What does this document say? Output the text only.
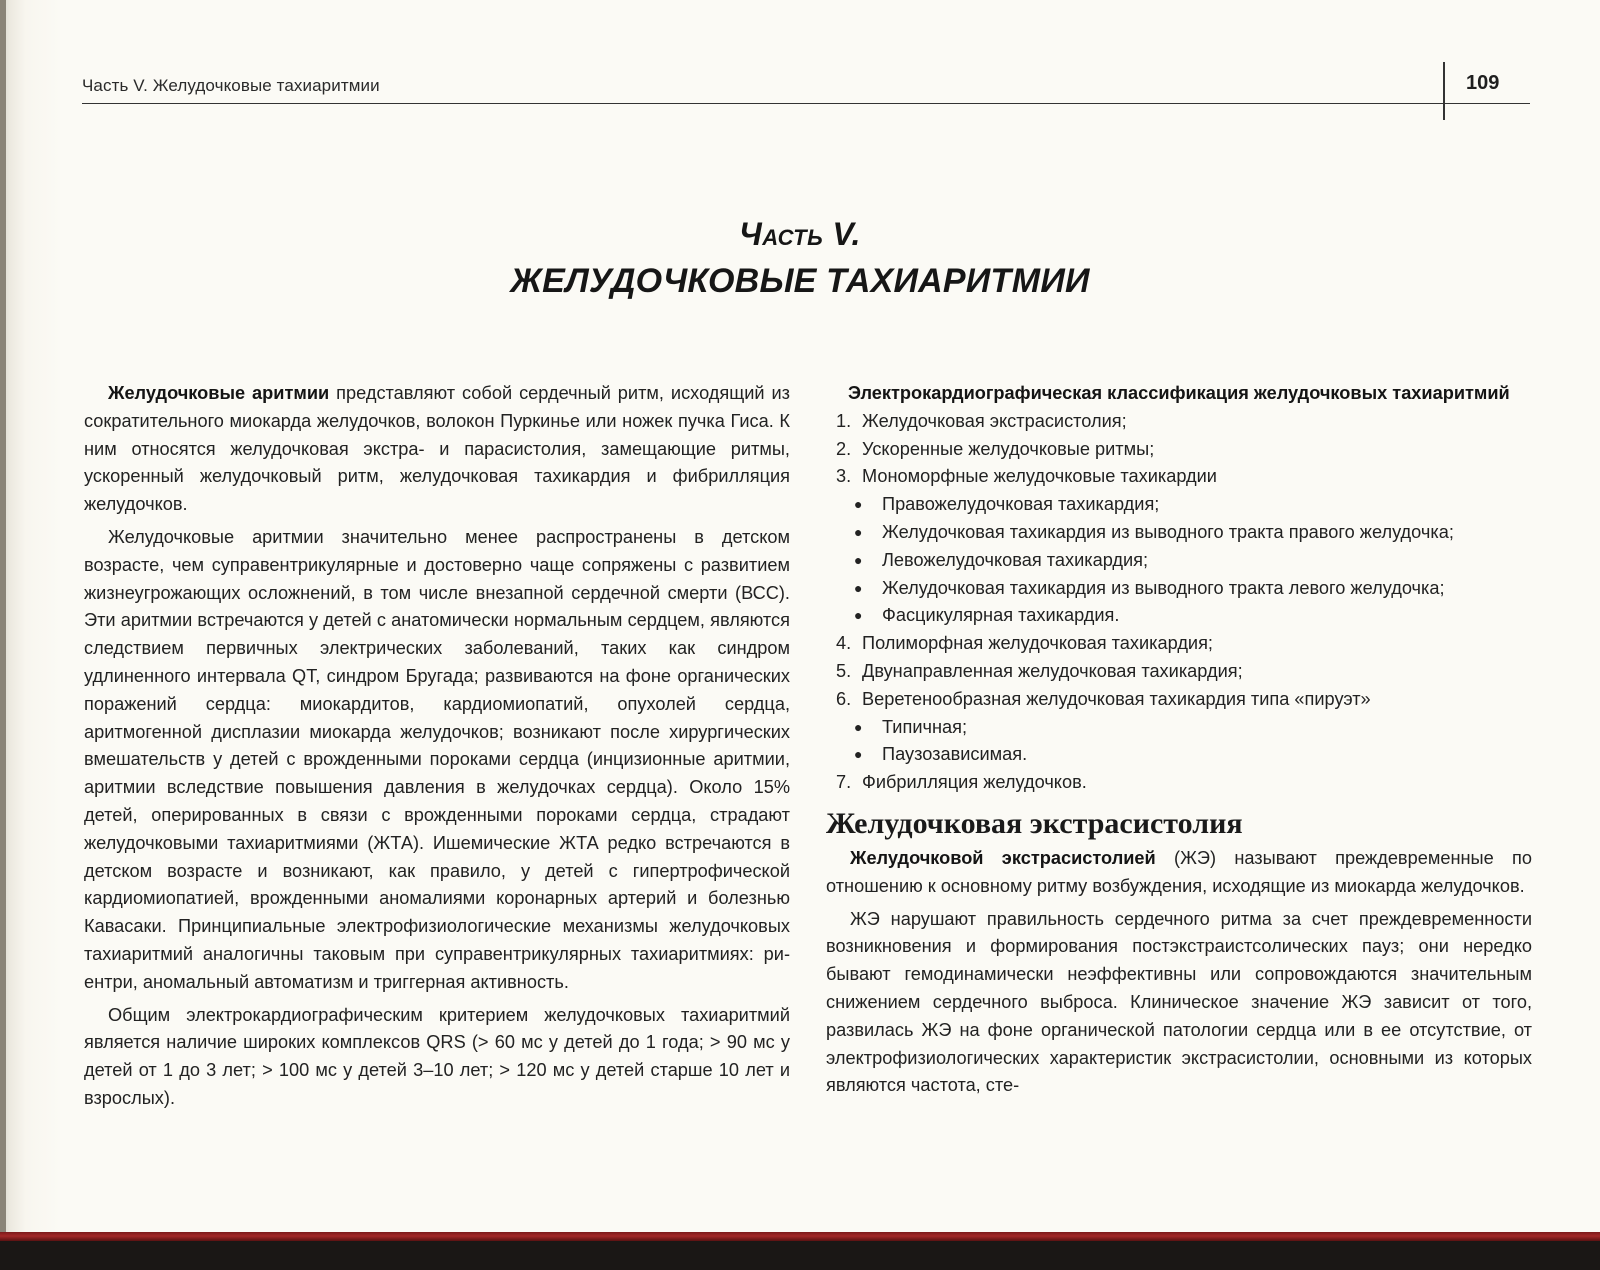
Часть V. Желудочковые тахиаритмии	109
Часть V.
ЖЕЛУДОЧКОВЫЕ ТАХИАРИТМИИ

Желудочковые аритмии представляют собой сердечный ритм, исходящий из сократительного миокарда желудочков, волокон Пуркинье или ножек пучка Гиса. К ним относятся желудочковая экстра- и парасистолия, замещающие ритмы, ускоренный желудочковый ритм, желудочковая тахикардия и фибрилляция желудочков.

Желудочковые аритмии значительно менее распространены в детском возрасте, чем суправентрикулярные и достоверно чаще сопряжены с развитием жизнеугрожающих осложнений, в том числе внезапной сердечной смерти (ВСС). Эти аритмии встречаются у детей с анатомически нормальным сердцем, являются следствием первичных электрических заболеваний, таких как синдром удлиненного интервала QT, синдром Бругада; развиваются на фоне органических поражений сердца: миокардитов, кардиомиопатий, опухолей сердца, аритмогенной дисплазии миокарда желудочков; возникают после хирургических вмешательств у детей с врожденными пороками сердца (инцизионные аритмии, аритмии вследствие повышения давления в желудочках сердца). Около 15% детей, оперированных в связи с врожденными пороками сердца, страдают желудочковыми тахиаритмиями (ЖТА). Ишемические ЖТА редко встречаются в детском возрасте и возникают, как правило, у детей с гипертрофической кардиомиопатией, врожденными аномалиями коронарных артерий и болезнью Кавасаки. Принципиальные электрофизиологические механизмы желудочковых тахиаритмий аналогичны таковым при суправентрикулярных тахиаритмиях: ри-ентри, аномальный автоматизм и триггерная активность.

Общим электрокардиографическим критерием желудочковых тахиаритмий является наличие широких комплексов QRS (> 60 мс у детей до 1 года; > 90 мс у детей от 1 до 3 лет; > 100 мс у детей 3–10 лет; > 120 мс у детей старше 10 лет и взрослых).

Электрокардиографическая классификация желудочковых тахиаритмий

1. Желудочковая экстрасистолия;
2. Ускоренные желудочковые ритмы;
3. Мономорфные желудочковые тахикардии
● Правожелудочковая тахикардия;
● Желудочковая тахикардия из выводного тракта правого желудочка;
● Левожелудочковая тахикардия;
● Желудочковая тахикардия из выводного тракта левого желудочка;
● Фасцикулярная тахикардия.
4. Полиморфная желудочковая тахикардия;
5. Двунаправленная желудочковая тахикардия;
6. Веретенообразная желудочковая тахикардия типа «пируэт»
● Типичная;
● Паузозависимая.
7. Фибрилляция желудочков.
Желудочковая экстрасистолия

Желудочковой экстрасистолией (ЖЭ) называют преждевременные по отношению к основному ритму возбуждения, исходящие из миокарда желудочков.

ЖЭ нарушают правильность сердечного ритма за счет преждевременности возникновения и формирования постэкстраистсолических пауз; они нередко бывают гемодинамически неэффективны или сопровождаются значительным снижением сердечного выброса. Клиническое значение ЖЭ зависит от того, развилась ЖЭ на фоне органической патологии сердца или в ее отсутствие, от электрофизиологических характеристик экстрасистолии, основными из которых являются частота, сте-
